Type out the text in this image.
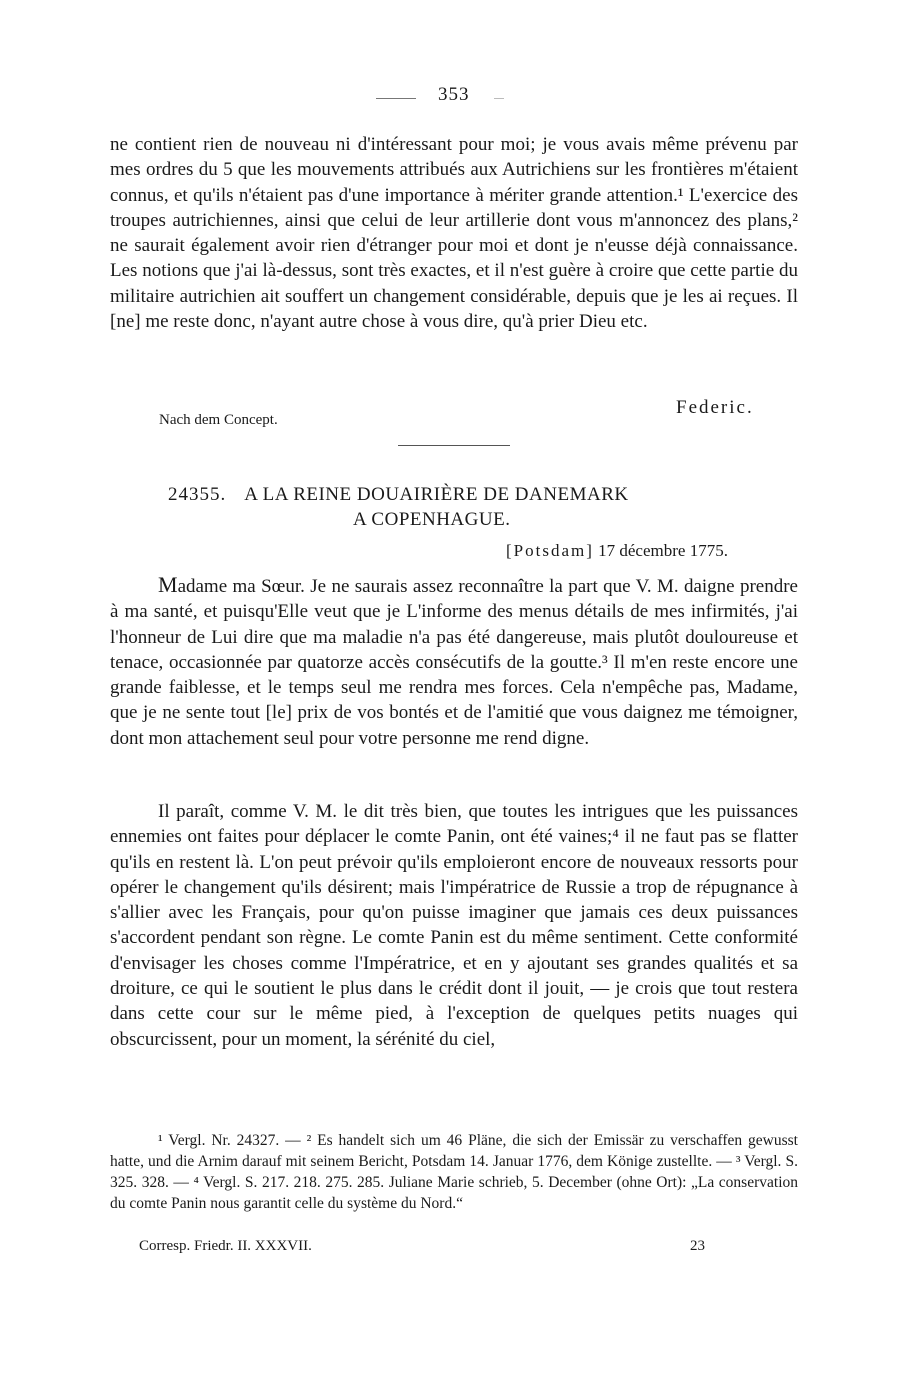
353

ne contient rien de nouveau ni d'intéressant pour moi; je vous avais même prévenu par mes ordres du 5 que les mouvements attribués aux Autrichiens sur les frontières m'étaient connus, et qu'ils n'étaient pas d'une importance à mériter grande attention.¹ L'exercice des troupes autrichiennes, ainsi que celui de leur artillerie dont vous m'annoncez des plans,² ne saurait également avoir rien d'étranger pour moi et dont je n'eusse déjà connaissance. Les notions que j'ai là-dessus, sont très exactes, et il n'est guère à croire que cette partie du militaire autrichien ait souffert un changement considérable, depuis que je les ai reçues. Il [ne] me reste donc, n'ayant autre chose à vous dire, qu'à prier Dieu etc.

Federic.
Nach dem Concept.
24355. A LA REINE DOUAIRIÈRE DE DANEMARK
A COPENHAGUE.
[Potsdam] 17 décembre 1775.

Madame ma Sœur. Je ne saurais assez reconnaître la part que V. M. daigne prendre à ma santé, et puisqu'Elle veut que je L'informe des menus détails de mes infirmités, j'ai l'honneur de Lui dire que ma maladie n'a pas été dangereuse, mais plutôt douloureuse et tenace, occasionnée par quatorze accès consécutifs de la goutte.³ Il m'en reste encore une grande faiblesse, et le temps seul me rendra mes forces. Cela n'empêche pas, Madame, que je ne sente tout [le] prix de vos bontés et de l'amitié que vous daignez me témoigner, dont mon attachement seul pour votre personne me rend digne.

Il paraît, comme V. M. le dit très bien, que toutes les intrigues que les puissances ennemies ont faites pour déplacer le comte Panin, ont été vaines;⁴ il ne faut pas se flatter qu'ils en restent là. L'on peut prévoir qu'ils emploieront encore de nouveaux ressorts pour opérer le changement qu'ils désirent; mais l'impératrice de Russie a trop de répugnance à s'allier avec les Français, pour qu'on puisse imaginer que jamais ces deux puissances s'accordent pendant son règne. Le comte Panin est du même sentiment. Cette conformité d'envisager les choses comme l'Impératrice, et en y ajoutant ses grandes qualités et sa droiture, ce qui le soutient le plus dans le crédit dont il jouit, — je crois que tout restera dans cette cour sur le même pied, à l'exception de quelques petits nuages qui obscurcissent, pour un moment, la sérénité du ciel,

¹ Vergl. Nr. 24327. — ² Es handelt sich um 46 Pläne, die sich der Emissär zu verschaffen gewusst hatte, und die Arnim darauf mit seinem Bericht, Potsdam 14. Januar 1776, dem Könige zustellte. — ³ Vergl. S. 325. 328. — ⁴ Vergl. S. 217. 218. 275. 285. Juliane Marie schrieb, 5. December (ohne Ort): „La conservation du comte Panin nous garantit celle du système du Nord.“

Corresp. Friedr. II. XXXVII.	23
